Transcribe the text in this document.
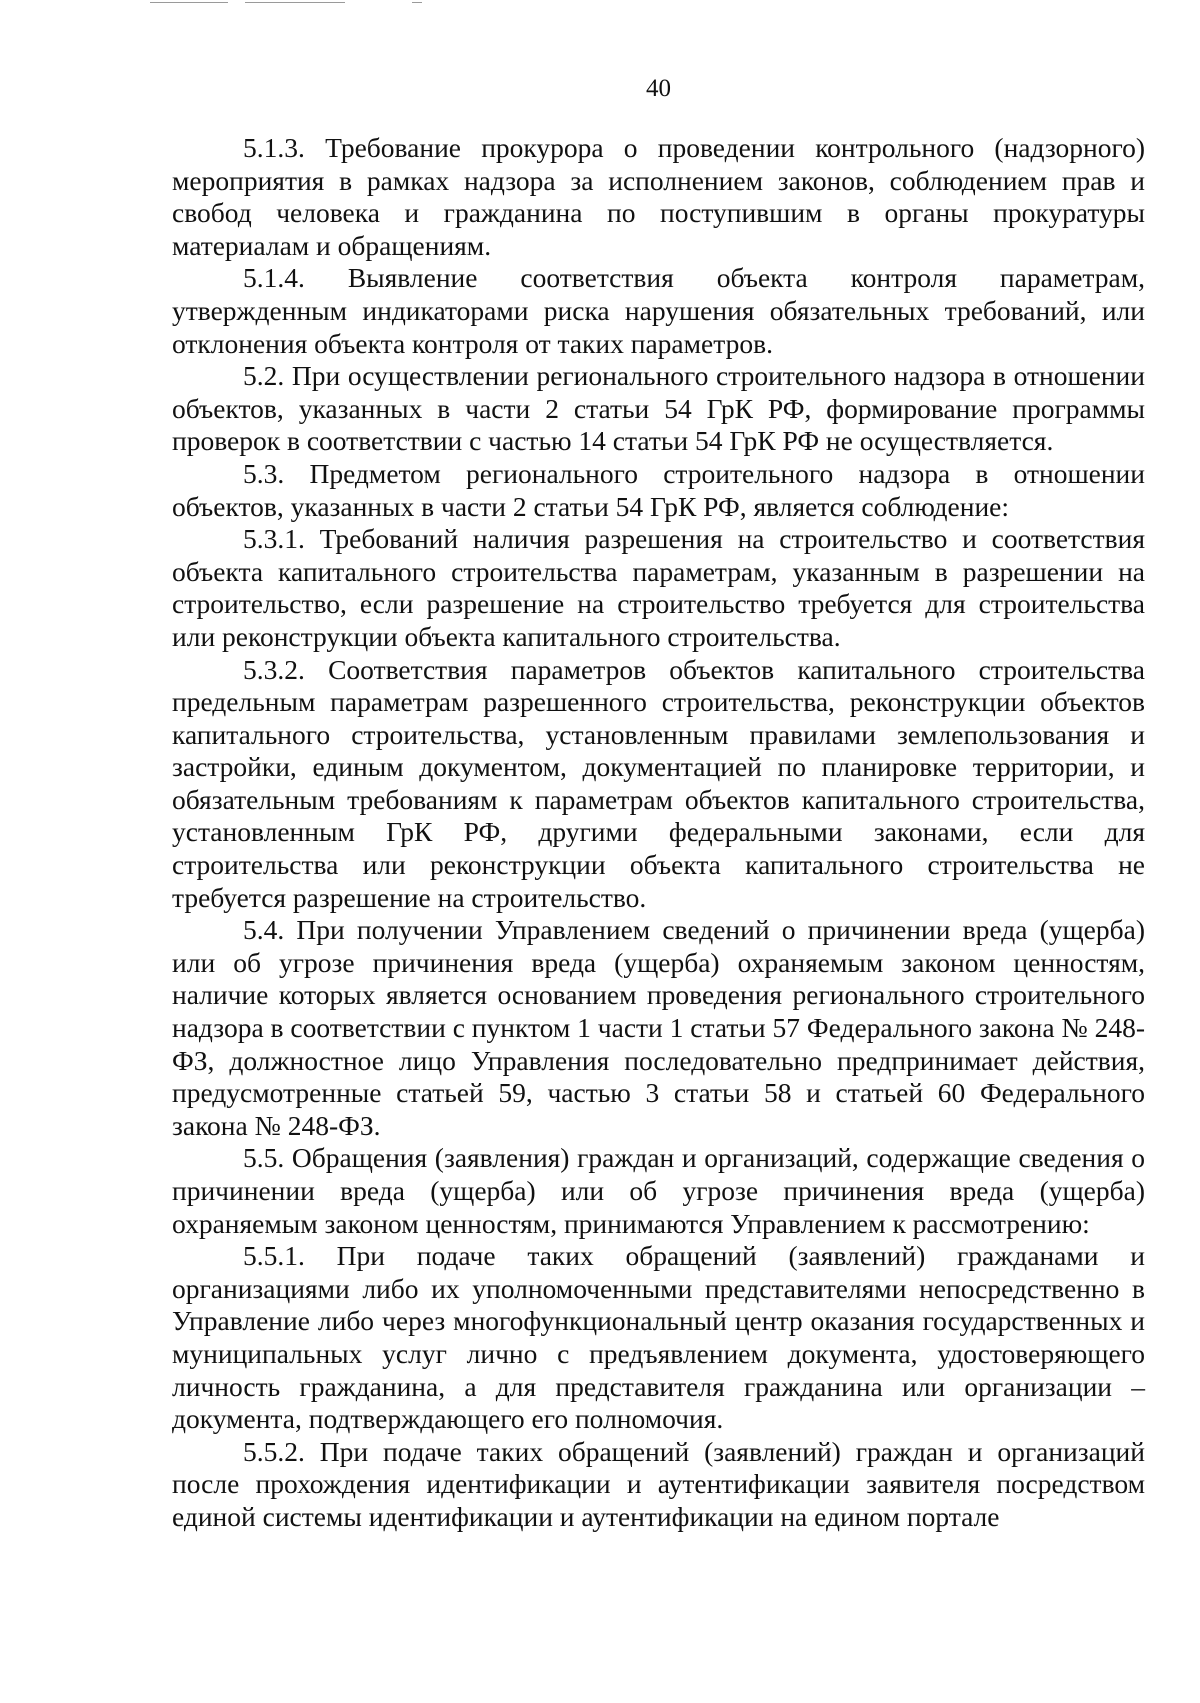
40

5.1.3. Требование прокурора о проведении контрольного (надзорного) мероприятия в рамках надзора за исполнением законов, соблюдением прав и свобод человека и гражданина по поступившим в органы прокуратуры материалам и обращениям.

5.1.4. Выявление соответствия объекта контроля параметрам, утвержденным индикаторами риска нарушения обязательных требований, или отклонения объекта контроля от таких параметров.

5.2. При осуществлении регионального строительного надзора в отношении объектов, указанных в части 2 статьи 54 ГрК РФ, формирование программы проверок в соответствии с частью 14 статьи 54 ГрК РФ не осуществляется.

5.3. Предметом регионального строительного надзора в отношении объектов, указанных в части 2 статьи 54 ГрК РФ, является соблюдение:

5.3.1. Требований наличия разрешения на строительство и соответствия объекта капитального строительства параметрам, указанным в разрешении на строительство, если разрешение на строительство требуется для строительства или реконструкции объекта капитального строительства.

5.3.2. Соответствия параметров объектов капитального строительства предельным параметрам разрешенного строительства, реконструкции объектов капитального строительства, установленным правилами землепользования и застройки, единым документом, документацией по планировке территории, и обязательным требованиям к параметрам объектов капитального строительства, установленным ГрК РФ, другими федеральными законами, если для строительства или реконструкции объекта капитального строительства не требуется разрешение на строительство.

5.4. При получении Управлением сведений о причинении вреда (ущерба) или об угрозе причинения вреда (ущерба) охраняемым законом ценностям, наличие которых является основанием проведения регионального строительного надзора в соответствии с пунктом 1 части 1 статьи 57 Федерального закона № 248-ФЗ, должностное лицо Управления последовательно предпринимает действия, предусмотренные статьей 59, частью 3 статьи 58 и статьей 60 Федерального закона № 248-ФЗ.

5.5. Обращения (заявления) граждан и организаций, содержащие сведения о причинении вреда (ущерба) или об угрозе причинения вреда (ущерба) охраняемым законом ценностям, принимаются Управлением к рассмотрению:

5.5.1. При подаче таких обращений (заявлений) гражданами и организациями либо их уполномоченными представителями непосредственно в Управление либо через многофункциональный центр оказания государственных и муниципальных услуг лично с предъявлением документа, удостоверяющего личность гражданина, а для представителя гражданина или организации – документа, подтверждающего его полномочия.

5.5.2. При подаче таких обращений (заявлений) граждан и организаций после прохождения идентификации и аутентификации заявителя посредством единой системы идентификации и аутентификации на едином портале
